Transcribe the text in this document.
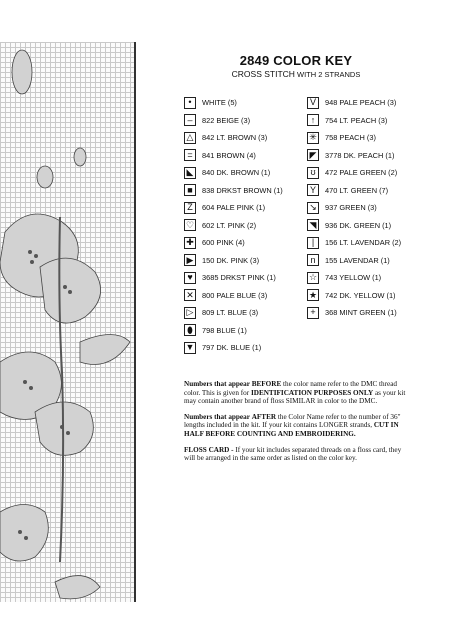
2849 COLOR KEY
CROSS STITCH WITH 2 STRANDS
•	WHITE (5)
–	822 BEIGE (3)
△	842 LT. BROWN (3)
=	841 BROWN (4)
◣	840 DK. BROWN (1)
■	838 DRKST BROWN (1)
Z	604 PALE PINK (1)
♡ 602 LT. PINK (2)
✚	600 PINK (4)
▶	150 DK. PINK (3)
♥	3685 DRKST PINK (1)
✕	800 PALE BLUE (3)
▷	809 LT. BLUE (3)
⬮	798 BLUE (1)
▼ 797 DK. BLUE (1)
V	948 PALE PEACH (3)
↑	754 LT. PEACH (3)
✳	758 PEACH (3)
◤	3778 DK. PEACH (1)
ʊ	472 PALE GREEN (2)
Y	470 LT. GREEN (7)
↘	937 GREEN (3)
◥	936 DK. GREEN (1)
|	156 LT. LAVENDAR (2)
n	155 LAVENDAR (1)
☆ 743 YELLOW (1)
★ 742 DK. YELLOW (1)
+	368 MINT GREEN (1)

Numbers that appear BEFORE the color name refer to the DMC thread color. This is given for IDENTIFICATION PURPOSES ONLY as your kit may contain another brand of floss SIMILAR in color to the DMC.

Numbers that appear AFTER the Color Name refer to the number of 36" lengths included in the kit. If your kit contains LONGER strands, CUT IN HALF BEFORE COUNTING AND EMBROIDERING.

FLOSS CARD - If your kit includes separated threads on a floss card, they will be arranged in the same order as listed on the color key.
